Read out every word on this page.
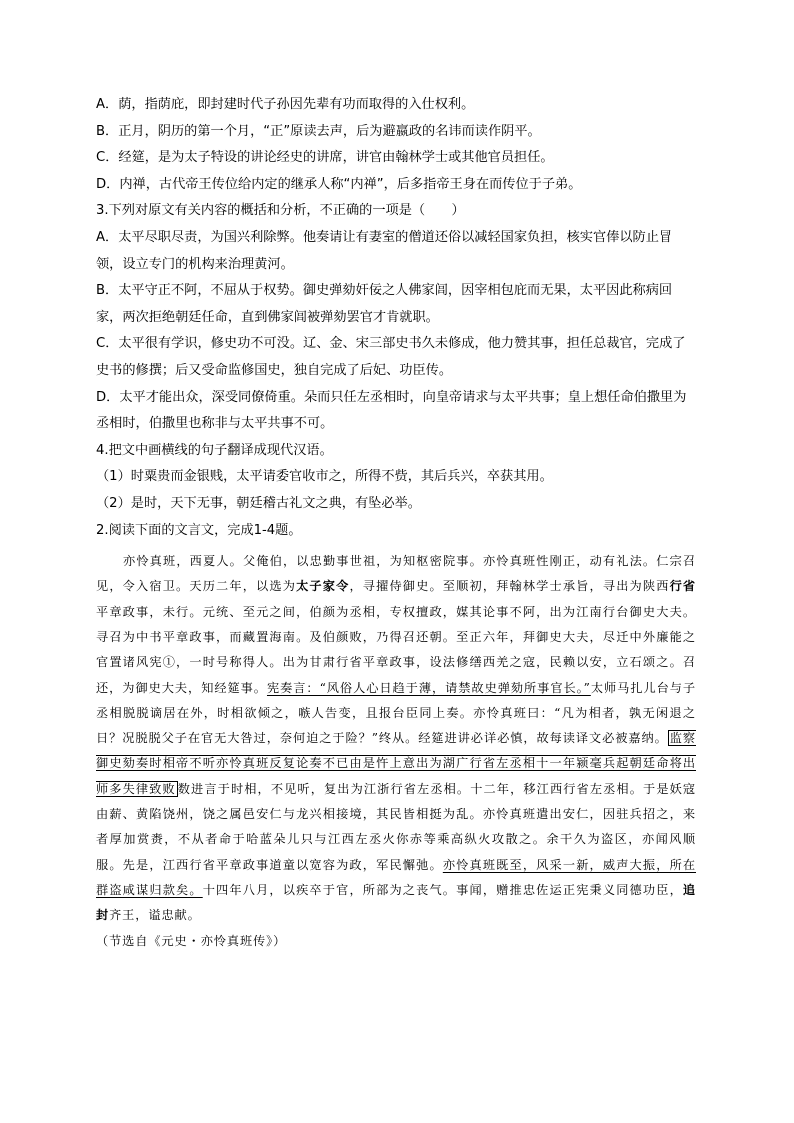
A．荫，指荫庇，即封建时代子孙因先辈有功而取得的入仕权利。

B．正月，阴历的第一个月，“正”原读去声，后为避嬴政的名讳而读作阴平。

C．经筵，是为太子特设的讲论经史的讲席，讲官由翰林学士或其他官员担任。

D．内禅，古代帝王传位给内定的继承人称“内禅”，后多指帝王身在而传位于子弟。

3.下列对原文有关内容的概括和分析，不正确的一项是（　　）

A．太平尽职尽责，为国兴利除弊。他奏请让有妻室的僧道还俗以减轻国家负担，核实官俸以防止冒领，设立专门的机构来治理黄河。

B．太平守正不阿，不屈从于权势。御史弹劾奸佞之人佛家闾，因宰相包庇而无果，太平因此称病回家，两次拒绝朝廷任命，直到佛家闾被弹劾罢官才肯就职。

C．太平很有学识，修史功不可没。辽、金、宋三部史书久未修成，他力赞其事，担任总裁官，完成了史书的修撰；后又受命监修国史，独自完成了后妃、功臣传。

D．太平才能出众，深受同僚倚重。朵而只任左丞相时，向皇帝请求与太平共事；皇上想任命伯撒里为丞相时，伯撒里也称非与太平共事不可。

4.把文中画横线的句子翻译成现代汉语。

（1）时粟贵而金银贱，太平请委官收市之，所得不赀，其后兵兴，卒获其用。

（2）是时，天下无事，朝廷稽古礼文之典，有坠必举。

2.阅读下面的文言文，完成1-4题。

亦怜真班，西夏人。父俺伯，以忠勤事世祖，为知枢密院事。亦怜真班性刚正，动有礼法。仁宗召见，令入宿卫。天历二年，以选为太子家令，寻擢侍御史。至顺初，拜翰林学士承旨，寻出为陕西行省平章政事，未行。元统、至元之间，伯颜为丞相，专权擅政，媒其论事不阿，出为江南行台御史大夫。寻召为中书平章政事，而藏置海南。及伯颜败，乃得召还朝。至正六年，拜御史大夫，尽迁中外廉能之官置诸风宪①，一时号称得人。出为甘肃行省平章政事，设法修缮西羌之寇，民赖以安，立石颂之。召还，为御史大夫，知经筵事。宪奏言：“风俗人心日趋于薄，请禁故史弹劾所事官长。”太师马扎儿台与子丞相脱脱谪居在外，时相欲倾之，嗾人告变，且报台臣同上奏。亦怜真班曰：“凡为相者，孰无闲退之日？况脱脱父子在官无大咎过，奈何迫之于险？”终从。经筵进讲必详必慎，故每读译文必被嘉纳。 监察御史劾奏时相帝不听亦怜真班反复论奏不已由是忤上意出为湖广行省左丞相十一年颍毫兵起朝廷命将出师多失律致败 数进言于时相，不见听，复出为江浙行省左丞相。十二年，移江西行省左丞相。于是妖寇由薪、黄陷饶州，饶之属邑安仁与龙兴相接境，其民皆相挺为乱。亦怜真班遣出安仁，因驻兵招之，来者厚加赏赉，不从者命于哈蓝朵儿只与江西左丞火你赤等乘高纵火攻散之。余干久为盗区，亦闻风顺服。先是，江西行省平章政事道童以宽容为政，军民懈弛。亦怜真班既至，风采一新，威声大振，所在群盗咸谋归款矣。十四年八月，以疾卒于官，所部为之丧气。事闻，赠推忠佐运正宪秉义同德功臣，追封齐王，谥忠献。

（节选自《元史・亦怜真班传》）
